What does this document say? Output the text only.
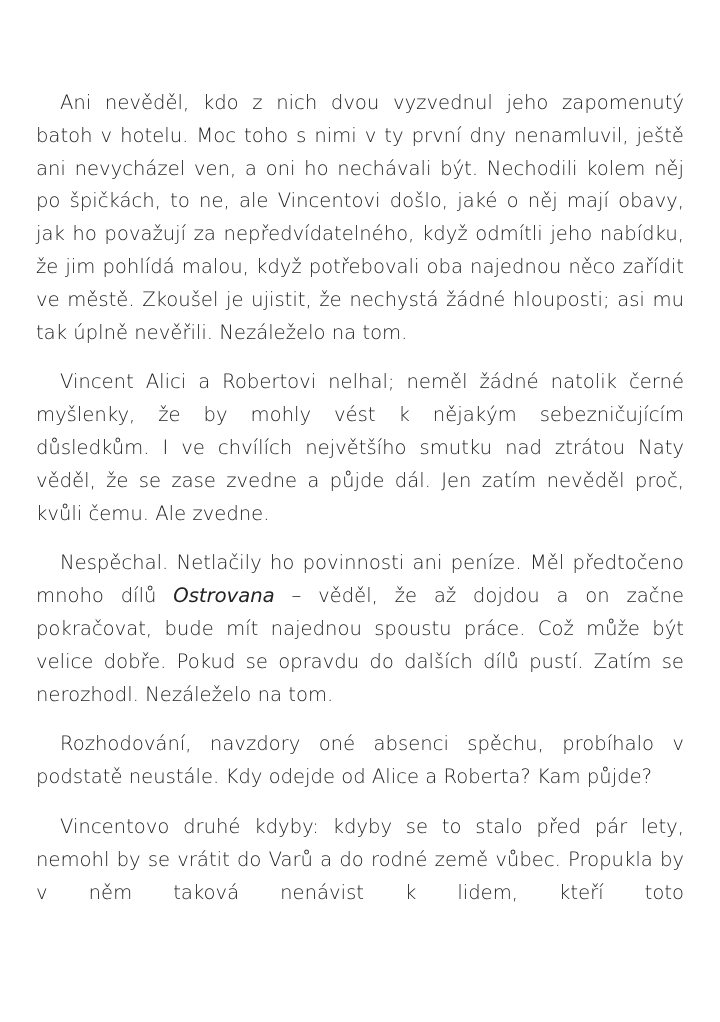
Ani nevěděl, kdo z nich dvou vyzvednul jeho zapomenutý batoh v hotelu. Moc toho s nimi v ty první dny nenamluvil, ještě ani nevycházel ven, a oni ho nechávali být. Nechodili kolem něj po špičkách, to ne, ale Vincentovi došlo, jaké o něj mají obavy, jak ho považují za nepředvídatelného, když odmítli jeho nabídku, že jim pohlídá malou, když potřebovali oba najednou něco zařídit ve městě. Zkoušel je ujistit, že nechystá žádné hlouposti; asi mu tak úplně nevěřili. Nezáleželo na tom.

Vincent Alici a Robertovi nelhal; neměl žádné natolik černé myšlenky, že by mohly vést k nějakým sebezničujícím důsledkům. I ve chvílích největšího smutku nad ztrátou Naty věděl, že se zase zvedne a půjde dál. Jen zatím nevěděl proč, kvůli čemu. Ale zvedne.

Nespěchal. Netlačily ho povinnosti ani peníze. Měl předtočeno mnoho dílů Ostrovana – věděl, že až dojdou a on začne pokračovat, bude mít najednou spoustu práce. Což může být velice dobře. Pokud se opravdu do dalších dílů pustí. Zatím se nerozhodl. Nezáleželo na tom.

Rozhodování, navzdory oné absenci spěchu, probíhalo v podstatě neustále. Kdy odejde od Alice a Roberta? Kam půjde?

Vincentovo druhé kdyby: kdyby se to stalo před pár lety, nemohl by se vrátit do Varů a do rodné země vůbec. Propukla by v něm taková nenávist k lidem, kteří toto
